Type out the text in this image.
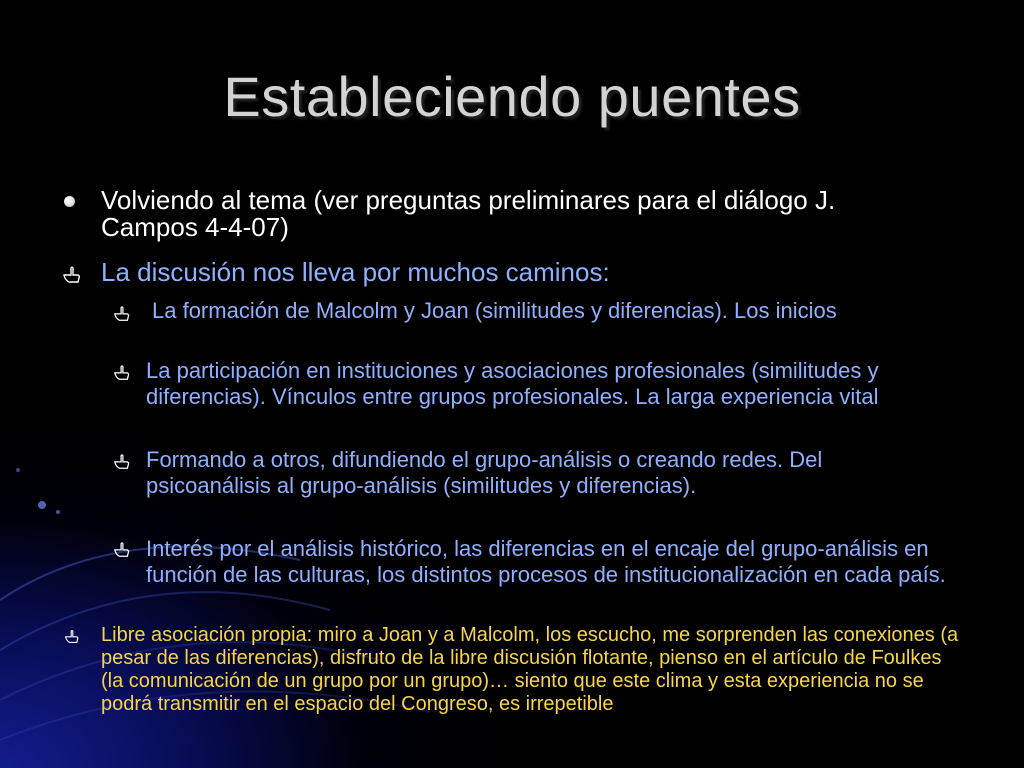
Estableciendo puentes
Volviendo al tema (ver preguntas preliminares para el diálogo J. Campos 4-4-07)
La discusión nos lleva por muchos caminos:
La formación de Malcolm y Joan (similitudes y diferencias). Los inicios
La participación en instituciones y asociaciones profesionales (similitudes y diferencias). Vínculos entre grupos profesionales. La larga experiencia vital
Formando a otros, difundiendo el grupo-análisis o creando redes. Del psicoanálisis al grupo-análisis (similitudes y diferencias).
Interés por el análisis histórico, las diferencias en el encaje del grupo-análisis en función de las culturas, los distintos procesos de institucionalización en cada país.
Libre asociación propia: miro a Joan y a Malcolm, los escucho, me sorprenden las conexiones (a pesar de las diferencias), disfruto de la libre discusión flotante, pienso en el artículo de Foulkes (la comunicación de un grupo por un grupo)… siento que este clima y esta experiencia no se podrá transmitir en el espacio del Congreso, es irrepetible
